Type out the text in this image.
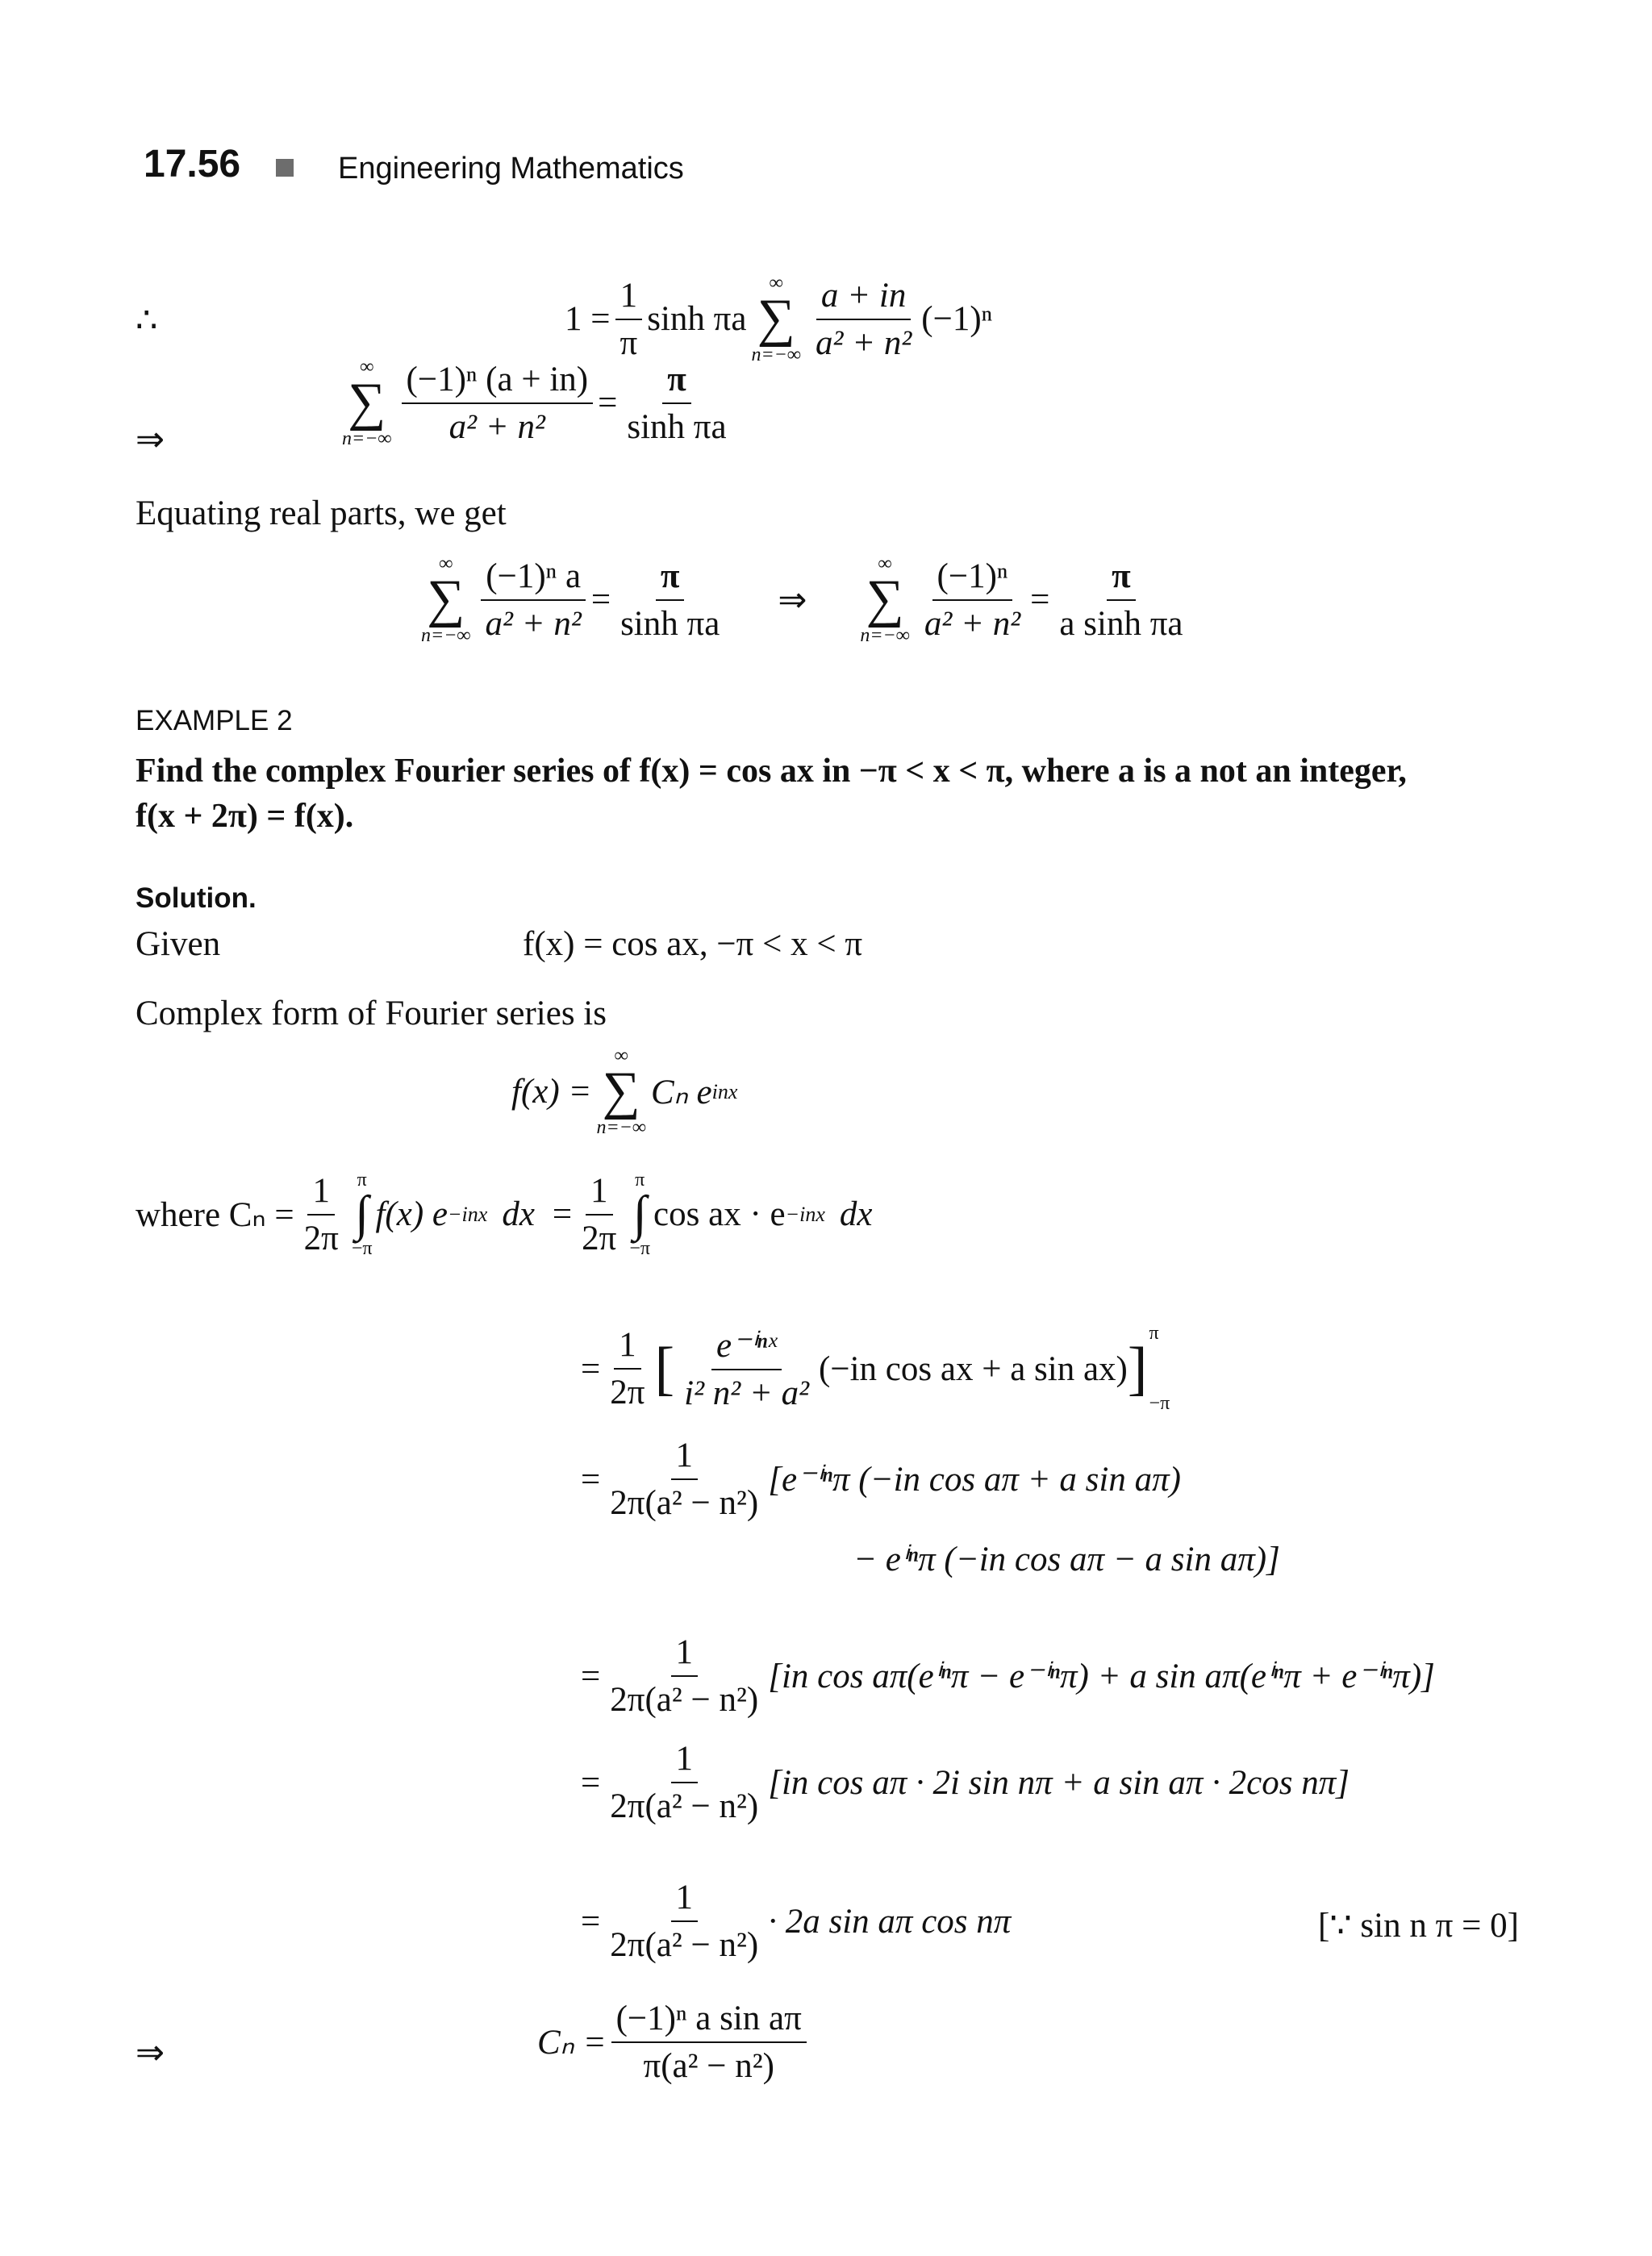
17.56	Engineering Mathematics
∴	$1 = \frac{1}{\pi}$ sinh πa
∞
∑
$n=-\infty \frac{a + in}{\text{a² + n²}} (-1)^n$
⇒
∞
∑
$n=-\infty \frac{\text{(−1)ⁿ (a + in)}}{\text{a² + n²}} = \frac{\pi}{\text{sinh πa}}$
Equating real parts, we get
∞
∑
$n=-\infty \frac{\text{(−1)ⁿ a}}{\text{a² + n²}} = \frac{\pi}{\text{sinh πa}}$ ⇒
∞
∑
$n=-\infty \frac{\text{(−1)ⁿ}}{\text{a² + n²}} = \frac{\pi}{\text{a sinh πa}}$
EXAMPLE 2
Find the complex Fourier series of f(x) = cos ax in −π < x < π, where a is a not an integer,
f(x + 2π) = f(x).
Solution.
Given	f(x) = cos ax, −π < x < π
Complex form of Fourier series is
f(x) =
∞
∑
n=−∞
Cₙ e inx
where $C_n = \frac{1}{2\pi}$ π
∫
−π
f(x) e −inx dx = $\frac{1}{2\pi}$ π
∫
−π
cos ax · e −inx dx
= $\frac{1}{2\pi}$ [ $\frac{\text{e⁻ⁱⁿˣ}}{\text{i² n² + a²}} (-in$ cos ax + a sin ax) ]
π
−π
= $\frac{1}{\text{2π(a² − n²)}} [e^{-in}\pi$ (−in cos aπ + a sin aπ)
− eⁱⁿπ (−in cos aπ − a sin aπ)]
= $\frac{1}{\text{2π(a² − n²)}} [in$ cos aπ(eⁱⁿπ − e⁻ⁱⁿπ) + a sin aπ(eⁱⁿπ + e⁻ⁱⁿπ)]
= $\frac{1}{\text{2π(a² − n²)}} [in$ cos aπ · 2i sin nπ + a sin aπ · 2cos nπ]
= $\frac{1}{\text{2π(a² − n²)}} \cdot 2a$ sin aπ cos nπ	[∵ sin n π = 0]
⇒	$C_n = \frac{\text{(−1)ⁿ a sin aπ}}{\text{π(a² − n²)}}$
